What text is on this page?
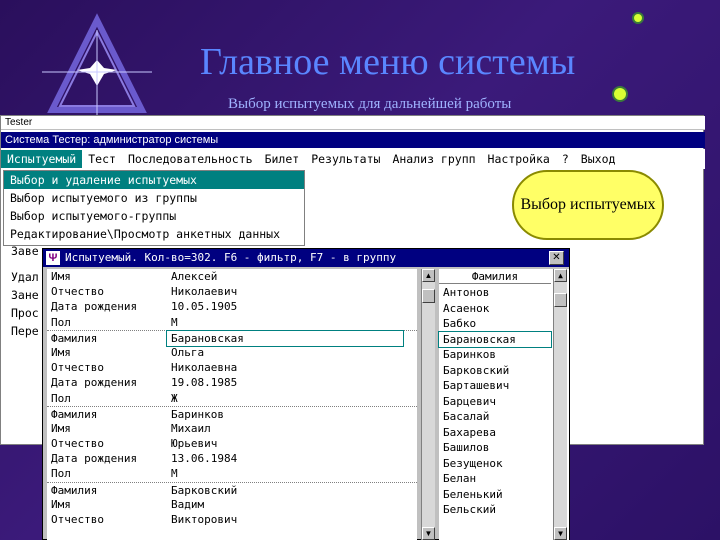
Главное меню системы
Выбор испытуемых для дальнейшей работы
Tester
Система Тестер: администратор системы
Испытуемый	Тест	Последовательность	Билет	Результаты	Анализ групп	Настройка	?	Выход
Выбор и удаление испытуемых
Выбор испытуемого из группы
Выбор испытуемого-группы
Редактирование\Просмотр анкетных данных
Заве
Удал
Зане
Прос
Пере
Выбор испытуемых
Испытуемый. Кол-во=302. F6 - фильтр, F7 - в группу
Ψ	✕
Имя	Алексей
Отчество	Николаевич
Дата рождения	10.05.1905
Пол	М
Фамилия	Барановская
Имя	Ольга
Отчество	Николаевна
Дата рождения	19.08.1985
Пол	Ж
Фамилия	Баринков
Имя	Михаил
Отчество	Юрьевич
Дата рождения	13.06.1984
Пол	М
Фамилия	Барковский
Имя	Вадим
Отчество	Викторович
▲
▼
Фамилия
Антонов
Асаенок
Бабко
Барановская
Баринков
Барковский
Барташевич
Барцевич
Басалай
Бахарева
Башилов
Безущенок
Белан
Беленький
Бельский
▲
▼
